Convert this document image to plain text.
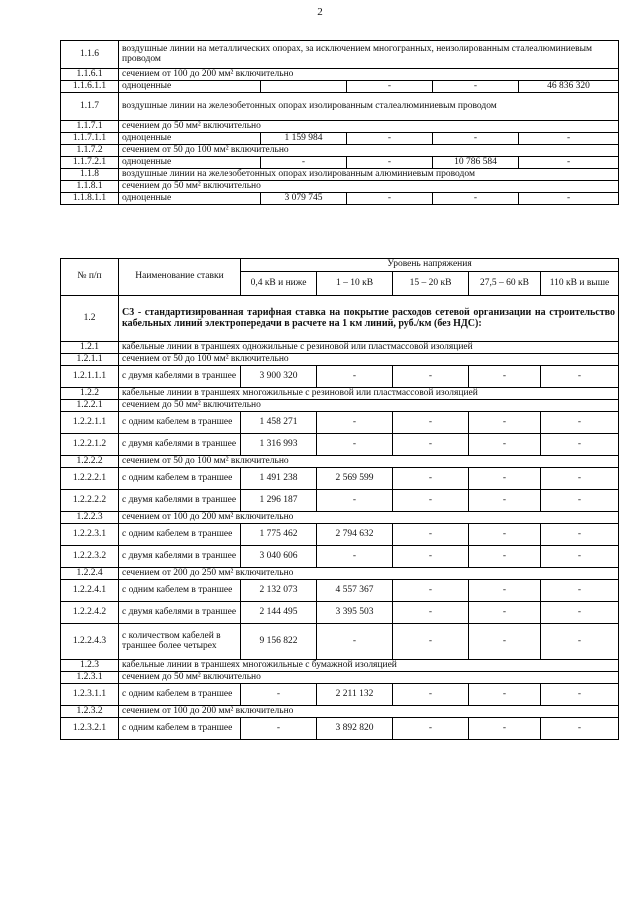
2
1.1.6	воздушные линии на металлических опорах, за исключением многогранных, неизолированным сталеалюминиевым проводом				
1.1.6.1	сечением от 100 до 200 мм² включительно				
1.1.6.1.1	одноценные		-	-	46 836 320
1.1.7	воздушные линии на железобетонных опорах изолированным сталеалюминиевым проводом				
1.1.7.1	сечением до 50 мм² включительно				
1.1.7.1.1	одноценные	1 159 984	-	-	-
1.1.7.2	сечением от 50 до 100 мм² включительно				
1.1.7.2.1	одноценные	-	-	10 786 584	-
1.1.8	воздушные линии на железобетонных опорах изолированным алюминиевым проводом				
1.1.8.1	сечением до 50 мм² включительно				
1.1.8.1.1	одноценные	3 079 745	-	-	-
№ п/п	Наименование ставки	Уровень напряжения				
		0,4 кВ и ниже	1 – 10 кВ	15 – 20 кВ	27,5 – 60 кВ	110 кВ и выше
1.2	С3 - стандартизированная тарифная ставка на покрытие расходов сетевой организации на строительство кабельных линий электропередачи в расчете на 1 км линий, руб./км (без НДС):					
1.2.1	кабельные линии в траншеях одножильные с резиновой или пластмассовой изоляцией					
1.2.1.1	сечением от 50 до 100 мм² включительно					
1.2.1.1.1	с двумя кабелями в траншее	3 900 320	-	-	-	-
1.2.2	кабельные линии в траншеях многожильные с резиновой или пластмассовой изоляцией					
1.2.2.1	сечением до 50 мм² включительно					
1.2.2.1.1	с одним кабелем в траншее	1 458 271	-	-	-	-
1.2.2.1.2	с двумя кабелями в траншее	1 316 993	-	-	-	-
1.2.2.2	сечением от 50 до 100 мм² включительно					
1.2.2.2.1	с одним кабелем в траншее	1 491 238	2 569 599	-	-	-
1.2.2.2.2	с двумя кабелями в траншее	1 296 187	-	-	-	-
1.2.2.3	сечением от 100 до 200 мм² включительно					
1.2.2.3.1	с одним кабелем в траншее	1 775 462	2 794 632	-	-	-
1.2.2.3.2	с двумя кабелями в траншее	3 040 606	-	-	-	-
1.2.2.4	сечением от 200 до 250 мм² включительно					
1.2.2.4.1	с одним кабелем в траншее	2 132 073	4 557 367	-	-	-
1.2.2.4.2	с двумя кабелями в траншее	2 144 495	3 395 503	-	-	-
1.2.2.4.3	с количеством кабелей в траншее более четырех	9 156 822	-	-	-	-
1.2.3	кабельные линии в траншеях многожильные с бумажной изоляцией					
1.2.3.1	сечением до 50 мм² включительно					
1.2.3.1.1	с одним кабелем в траншее	-	2 211 132	-	-	-
1.2.3.2	сечением от 100 до 200 мм² включительно					
1.2.3.2.1	с одним кабелем в траншее	-	3 892 820	-	-	-
